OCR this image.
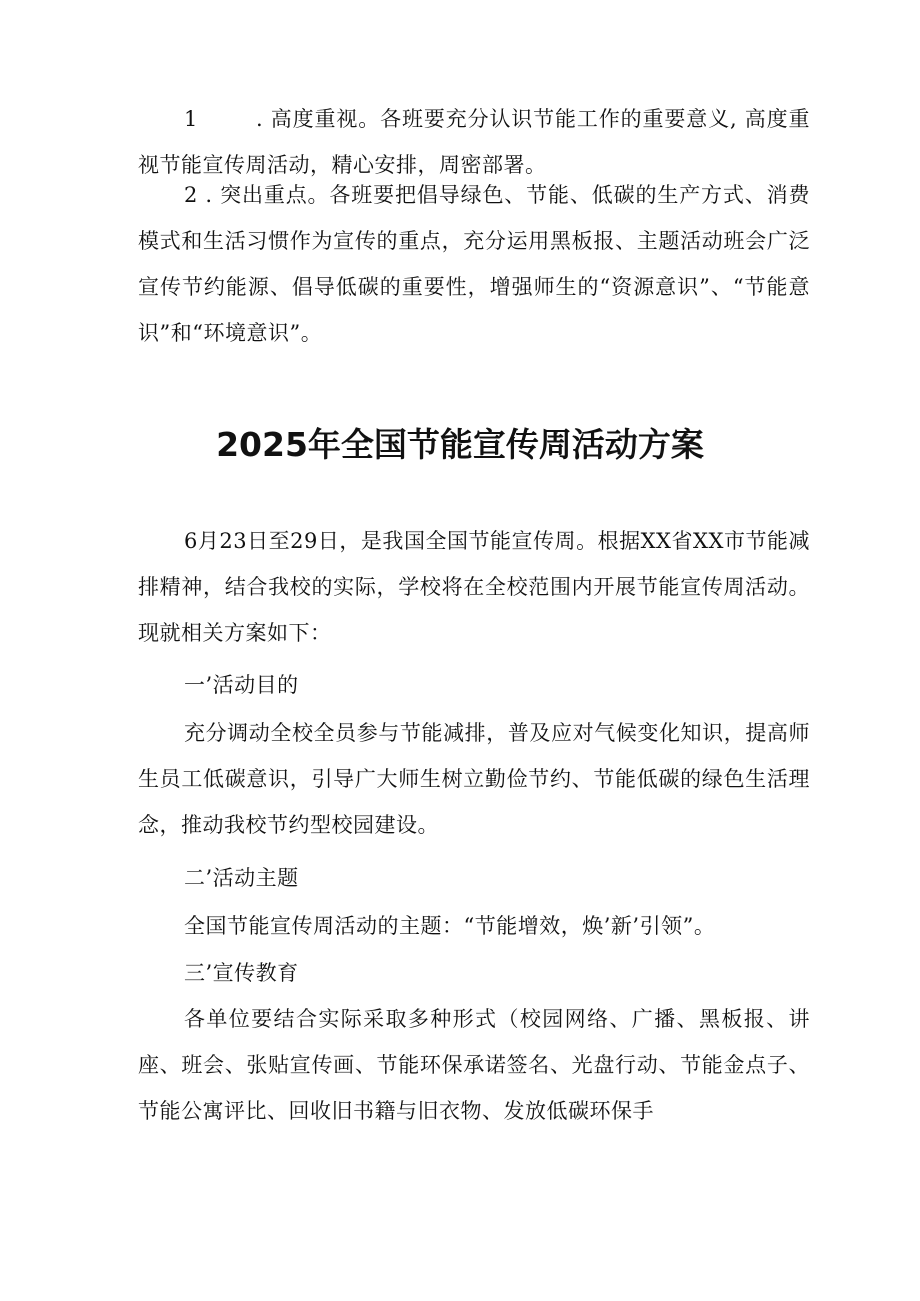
1	. 高度重视。各班要充分认识节能工作的重要意义, 高度重视节能宣传周活动，精心安排，周密部署。

2 . 突出重点。各班要把倡导绿色、节能、低碳的生产方式、消费模式和生活习惯作为宣传的重点，充分运用黑板报、主题活动班会广泛宣传节约能源、倡导低碳的重要性，增强师生的“资源意识”、“节能意识”和“环境意识”。

2025年全国节能宣传周活动方案

6月23日至29日，是我国全国节能宣传周。根据XX省XX市节能减排精神，结合我校的实际，学校将在全校范围内开展节能宣传周活动。现就相关方案如下：

一’活动目的

充分调动全校全员参与节能减排，普及应对气候变化知识，提高师生员工低碳意识，引导广大师生树立勤俭节约、节能低碳的绿色生活理念，推动我校节约型校园建设。

二’活动主题

全国节能宣传周活动的主题：“节能增效，焕’新’引领”。

三’宣传教育

各单位要结合实际采取多种形式（校园网络、广播、黑板报、讲座、班会、张贴宣传画、节能环保承诺签名、光盘行动、节能金点子、节能公寓评比、回收旧书籍与旧衣物、发放低碳环保手
